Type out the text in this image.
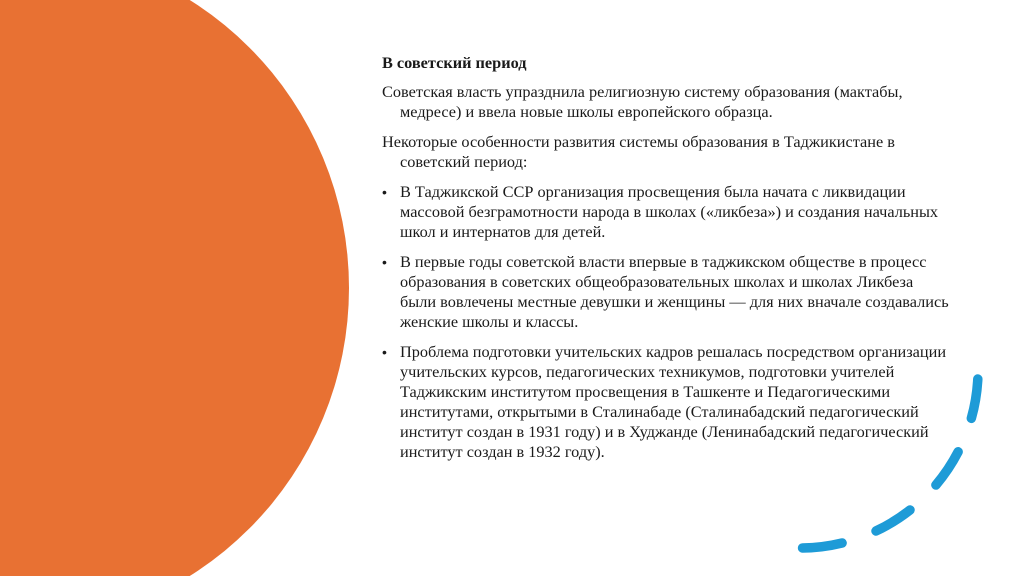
В советский период
Советская власть упразднила религиозную систему образования (мактабы, медресе) и ввела новые школы европейского образца.
Некоторые особенности развития системы образования в Таджикистане в советский период:
• В Таджикской ССР организация просвещения была начата с ликвидации массовой безграмотности народа в школах («ликбеза») и создания начальных школ и интернатов для детей.
• В первые годы советской власти впервые в таджикском обществе в процесс образования в советских общеобразовательных школах и школах Ликбеза были вовлечены местные девушки и женщины — для них вначале создавались женские школы и классы.
• Проблема подготовки учительских кадров решалась посредством организации учительских курсов, педагогических техникумов, подготовки учителей Таджикским институтом просвещения в Ташкенте и Педагогическими институтами, открытыми в Сталинабаде (Сталинабадский педагогический институт создан в 1931 году) и в Худжанде (Ленинабадский педагогический институт создан в 1932 году).
